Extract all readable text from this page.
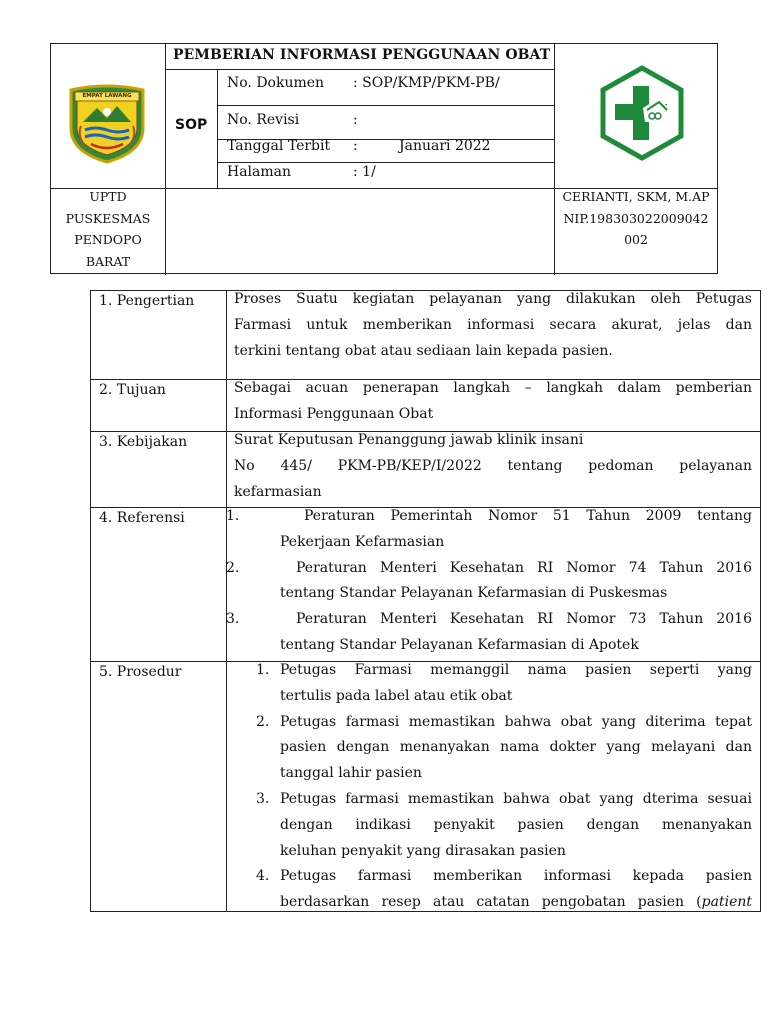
EMPAT LAWANG
PEMBERIAN INFORMASI PENGGUNAAN OBAT
SOP
No. Dokumen : SOP/KMP/PKM-PB/
No. Revisi	:
Tanggal Terbit :	Januari 2022
Halaman	: 1/
UPTD
PUSKESMAS
PENDOPO
BARAT
CERIANTI, SKM, M.AP
NIP.198303022009042
002
1. Pengertian	Proses Suatu kegiatan pelayanan yang dilakukan oleh Petugas
Farmasi untuk memberikan informasi secara akurat, jelas dan
terkini tentang obat atau sediaan lain kepada pasien.
2. Tujuan	Sebagai acuan penerapan langkah – langkah dalam pemberian
Informasi Penggunaan Obat
3. Kebijakan	Surat Keputusan Penanggung jawab klinik insani
No 445/ PKM-PB/KEP/I/2022 tentang pedoman pelayanan
kefarmasian
4. Referensi	1.	Peraturan Pemerintah Nomor 51 Tahun 2009 tentang
Pekerjaan Kefarmasian
2.	Peraturan Menteri Kesehatan RI Nomor 74 Tahun 2016
tentang Standar Pelayanan Kefarmasian di Puskesmas
3.	Peraturan Menteri Kesehatan RI Nomor 73 Tahun 2016
tentang Standar Pelayanan Kefarmasian di Apotek
5. Prosedur	1. Petugas Farmasi memanggil nama pasien seperti yang
tertulis pada label atau etik obat
2. Petugas farmasi memastikan bahwa obat yang diterima tepat
pasien dengan menanyakan nama dokter yang melayani dan
tanggal lahir pasien
3. Petugas farmasi memastikan bahwa obat yang dterima sesuai
dengan indikasi penyakit pasien dengan menanyakan
keluhan penyakit yang dirasakan pasien
4. Petugas farmasi memberikan informasi kepada pasien
berdasarkan resep atau catatan pengobatan pasien (patient
